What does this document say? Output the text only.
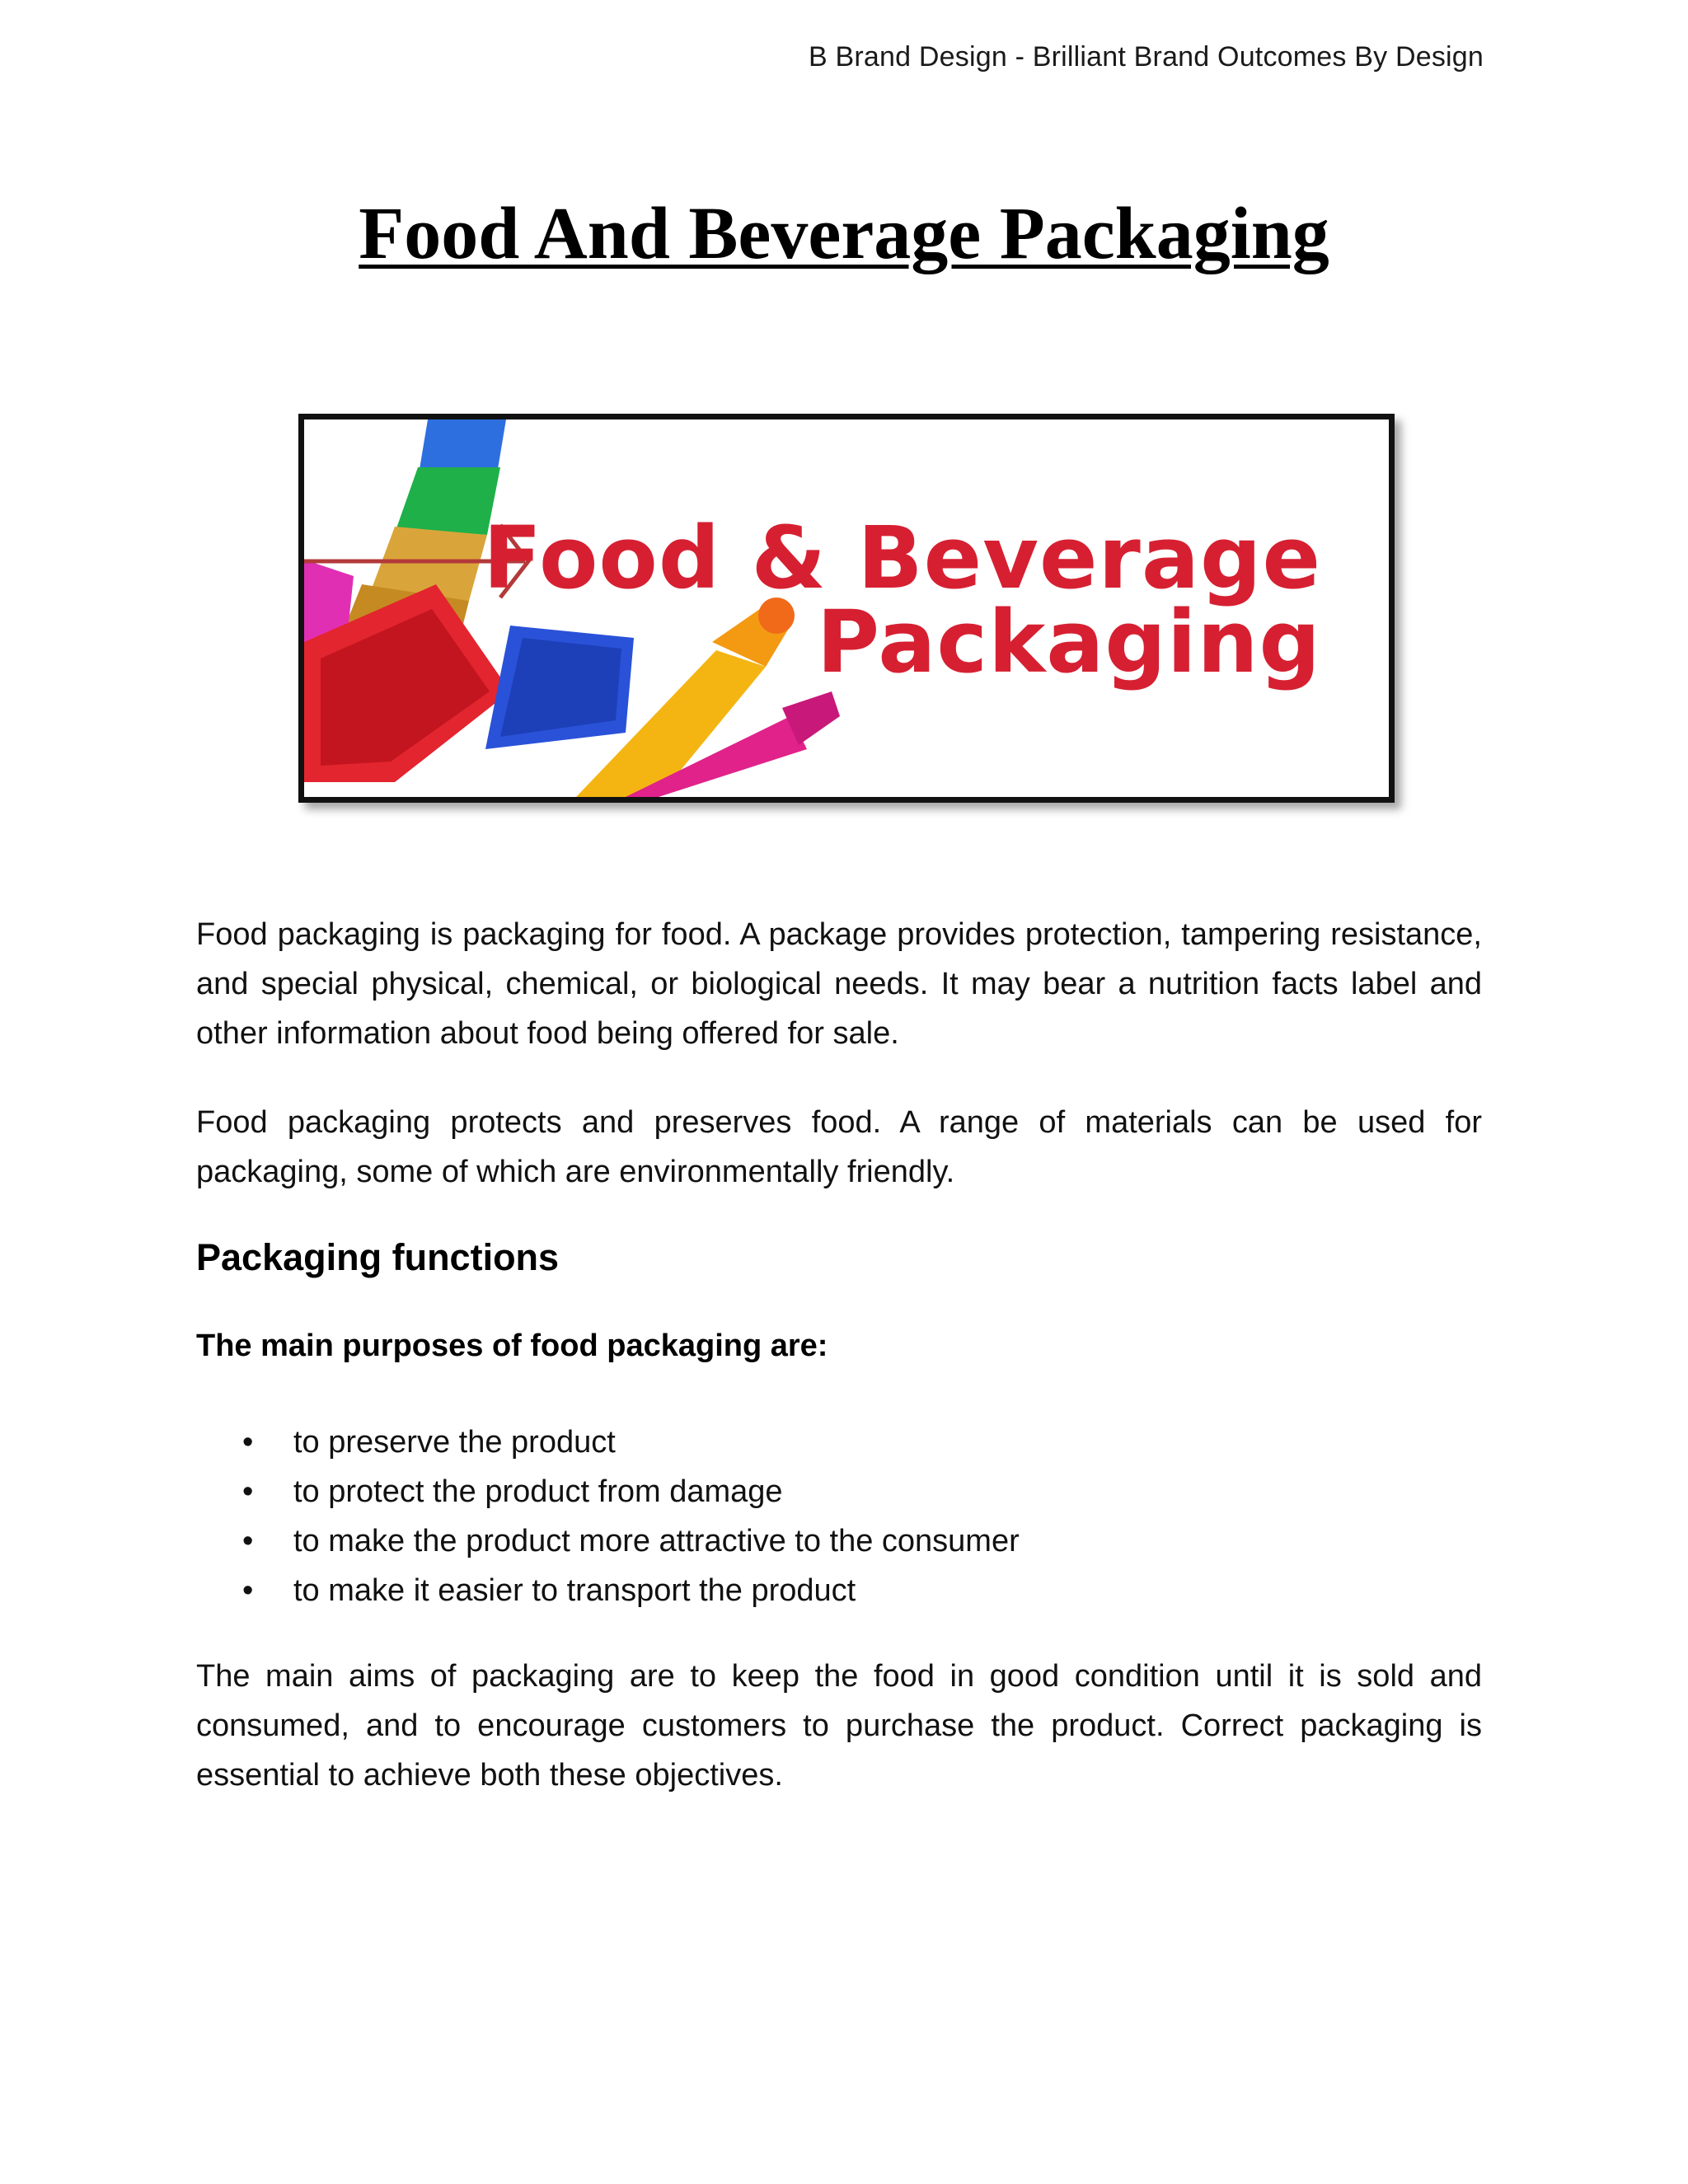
B Brand Design - Brilliant Brand Outcomes By Design
Food And Beverage Packaging
Food & Beverage
Packaging

Food packaging is packaging for food. A package provides protection, tampering resistance, and special physical, chemical, or biological needs. It may bear a nutrition facts label and other information about food being offered for sale.

Food packaging protects and preserves food. A range of materials can be used for packaging, some of which are environmentally friendly.

Packaging functions
The main purposes of food packaging are:
• to preserve the product
• to protect the product from damage
• to make the product more attractive to the consumer
• to make it easier to transport the product

The main aims of packaging are to keep the food in good condition until it is sold and consumed, and to encourage customers to purchase the product. Correct packaging is essential to achieve both these objectives.
